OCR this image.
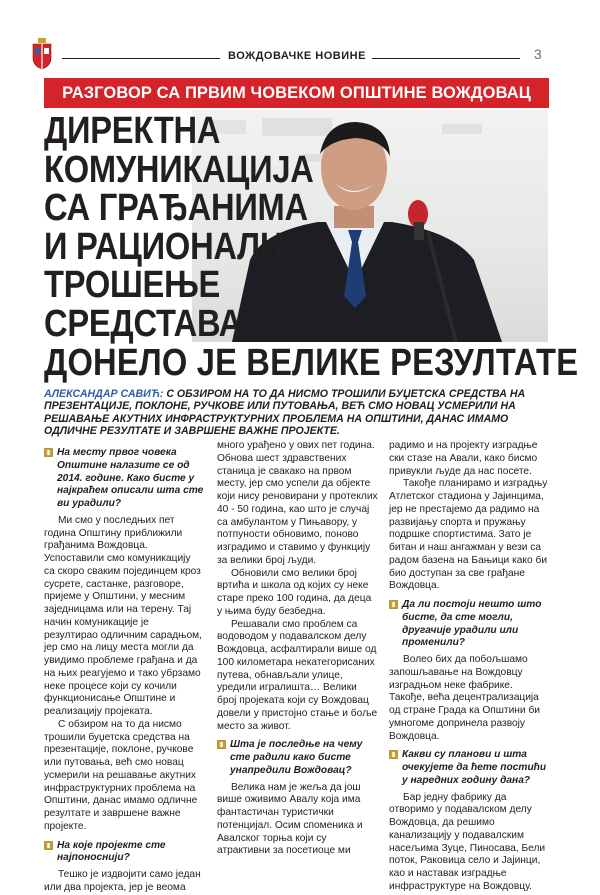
ВОЖДОВАЧКЕ НОВИНЕ	3
РАЗГОВОР СА ПРВИМ ЧОВЕКОМ ОПШТИНЕ ВОЖДОВАЦ
ДИРЕКТНА
КОМУНИКАЦИЈА
СА ГРАЂАНИМА
И РАЦИОНАЛНО
ТРОШЕЊЕ
СРЕДСТАВА
ДОНЕЛО ЈЕ ВЕЛИКЕ РЕЗУЛТАТЕ
АЛЕКСАНДАР САВИЋ: С ОБЗИРОМ НА ТО ДА НИСМО ТРОШИЛИ БУЏЕТСКА СРЕДСТВА НА ПРЕЗЕНТАЦИЈЕ, ПОКЛОНЕ, РУЧКОВЕ ИЛИ ПУТОВАЊА, ВЕЋ СМО НОВАЦ УСМЕРИЛИ НА РЕШАВАЊЕ АКУТНИХ ИНФРАСТРУКТУРНИХ ПРОБЛЕМА НА ОПШТИНИ, ДАНАС ИМАМО ОДЛИЧНЕ РЕЗУЛТАТЕ И ЗАВРШЕНЕ ВАЖНЕ ПРОЈЕКТЕ.
На месту првог човека Општине налазите се од 2014. године. Како бисте у најкраћем описали шта сте ви урадили?

Ми смо у последњих пет година Општину приближили грађанима Вождовца. Успоставили смо комуникацију са скоро сваким појединцем кроз сусрете, састанке, разговоре, пријеме у Општини, у месним заједницама или на терену. Тај начин комуникације је резултирао одличним сарадњом, јер смо на лицу места могли да увидимо проблеме грађана и да на њих реагујемо и тако убрзамо неке процесе који су кочили функционисање Општине и реализацију пројеката.

С обзиром на то да нисмо трошили буџетска средства на презентације, поклоне, ручкове или путовања, већ смо новац усмерили на решавање акутних инфраструктурних проблема на Општини, данас имамо одличне резултате и завршене важне пројекте.

На које пројекте сте најпоноснији?

Тешко је издвојити само један или два пројекта, јер је веома

много урађено у ових пет година. Обнова шест здравствених станица је свакако на првом месту, јер смо успели да објекте који нису реновирани у протеклих 40 - 50 година, као што је случај са амбулантом у Пињавору, у потпуности обновимо, поново изградимо и ставимо у функцију за велики број људи.

Обновили смо велики број вртића и школа од којих су неке старе преко 100 година, да деца у њима буду безбедна.

Решавали смо проблем са водоводом у подавалском делу Вождовца, асфалтирали више од 100 километара некатегорисаних путева, обнављали улице, уредили игралишта… Велики број пројеката који су Вождовац довели у пристојно стање и боље место за живот.

Шта је последње на чему сте радили како бисте унапредили Вождовац?

Велика нам је жеља да још више оживимо Авалу која има фантастичан туристички потенцијал. Осим споменика и Авалског торња који су атрактивни за посетиоце ми

радимо и на пројекту изградње ски стазе на Авали, како бисмо привукли људе да нас посете.

Такође планирамо и изградњу Атлетског стадиона у Јајинцима, јер не престајемо да радимо на развијању спорта и пружању подршке спортистима. Зато је битан и наш ангажман у вези са радом базена на Бањици како би био доступан за све грађане Вождовца.

Да ли постоји нешто што бисте, да сте могли, другачије урадили или променили?

Волео бих да побољшамо запошљавање на Вождовцу изградњом неке фабрике. Такође, већа децентрализација од стране Града ка Општини би умногоме допринела развоју Вождовца.

Какви су планови и шта очекујете да ћете постићи у наредних годину дана?

Бар једну фабрику да отворимо у подавалском делу Вождовца, да решимо канализацију у подавалским насељима Зуце, Пиносава, Бели поток, Раковица село и Јајинци, као и наставак изградње инфраструктуре на Вождовцу.
